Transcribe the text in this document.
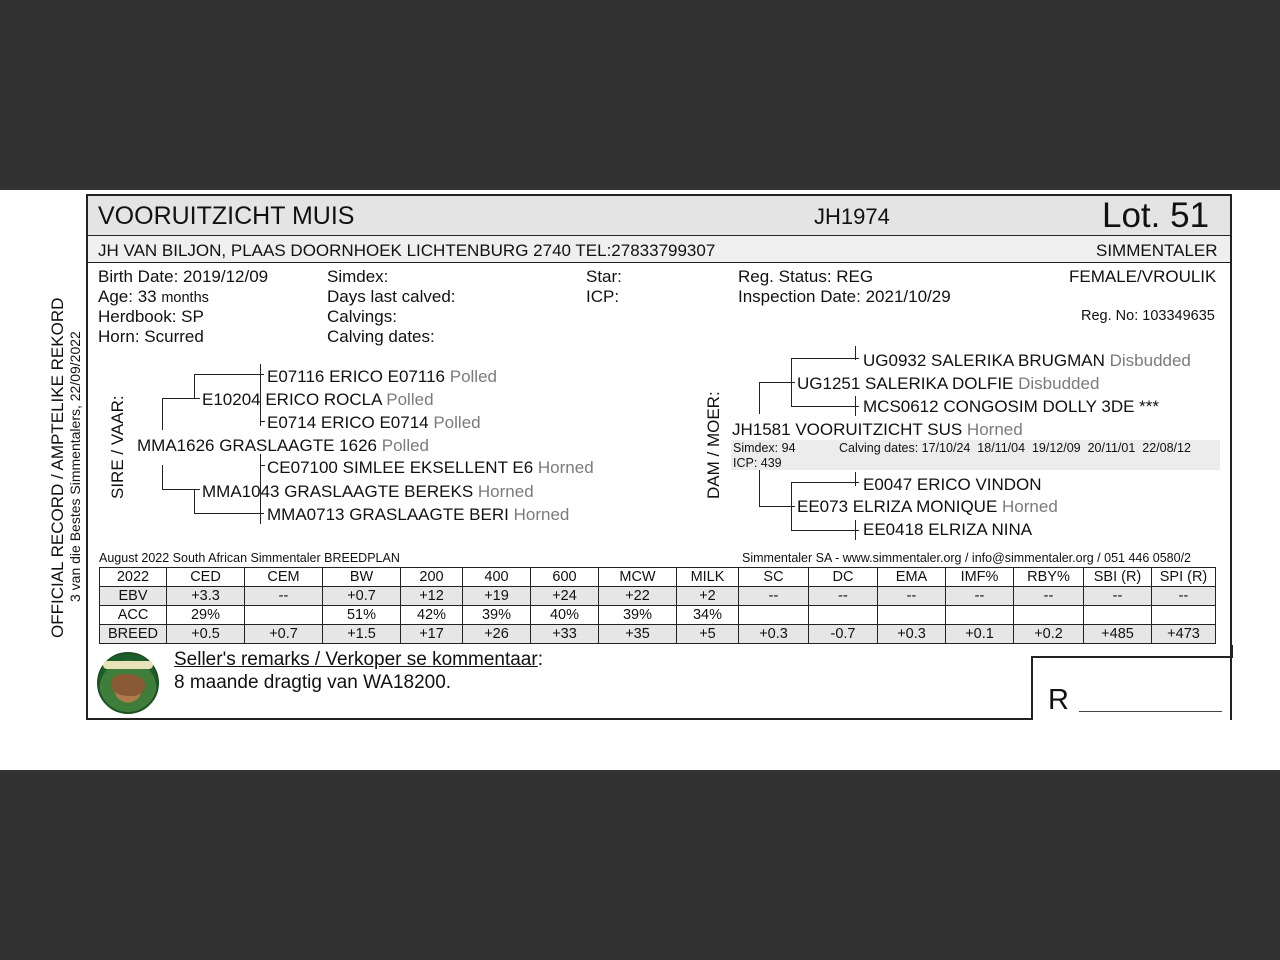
OFFICIAL RECORD / AMPTELIKE REKORD 3 van die Bestes Simmentalers, 22/09/2022
VOORUITZICHT MUIS	JH1974	Lot. 51
JH VAN BILJON, PLAAS DOORNHOEK LICHTENBURG 2740 TEL:27833799307	SIMMENTALER
Birth Date: 2019/12/09
Age: 33 months
Herdbook: SP
Horn: Scurred
Simdex:
Days last calved:
Calvings:
Calving dates:
Star:
ICP:
Reg. Status: REG
Inspection Date: 2021/10/29
FEMALE/VROULIK
Reg. No: 103349635
SIRE / VAAR:
E07116 ERICO E07116 Polled
E10204 ERICO ROCLA Polled
E0714 ERICO E0714 Polled
MMA1626 GRASLAAGTE 1626 Polled
CE07100 SIMLEE EKSELLENT E6 Horned
MMA1043 GRASLAAGTE BEREKS Horned
MMA0713 GRASLAAGTE BERI Horned
DAM / MOER:
UG0932 SALERIKA BRUGMAN Disbudded
UG1251 SALERIKA DOLFIE Disbudded
MCS0612 CONGOSIM DOLLY 3DE ***
JH1581 VOORUITZICHT SUS Horned
Simdex: 94	Calving dates: 17/10/24  18/11/04  19/12/09  20/11/01  22/08/12
ICP: 439
E0047 ERICO VINDON
EE073 ELRIZA MONIQUE Horned
EE0418 ELRIZA NINA
August 2022 South African Simmentaler BREEDPLAN	Simmentaler SA - www.simmentaler.org / info@simmentaler.org / 051 446 0580/2
2022	CED	CEM	BW	200	400	600	MCW	MILK	SC	DC	EMA	IMF%	RBY%	SBI (R)	SPI (R)
EBV	+3.3	--	+0.7	+12	+19	+24	+22	+2	--	--	--	--	--	--	--
ACC	29%		51%	42%	39%	40%	39%	34%							
BREED	+0.5	+0.7	+1.5	+17	+26	+33	+35	+5	+0.3	-0.7	+0.3	+0.1	+0.2	+485	+473
Seller's remarks / Verkoper se kommentaar:
8 maande dragtig van WA18200.
R
